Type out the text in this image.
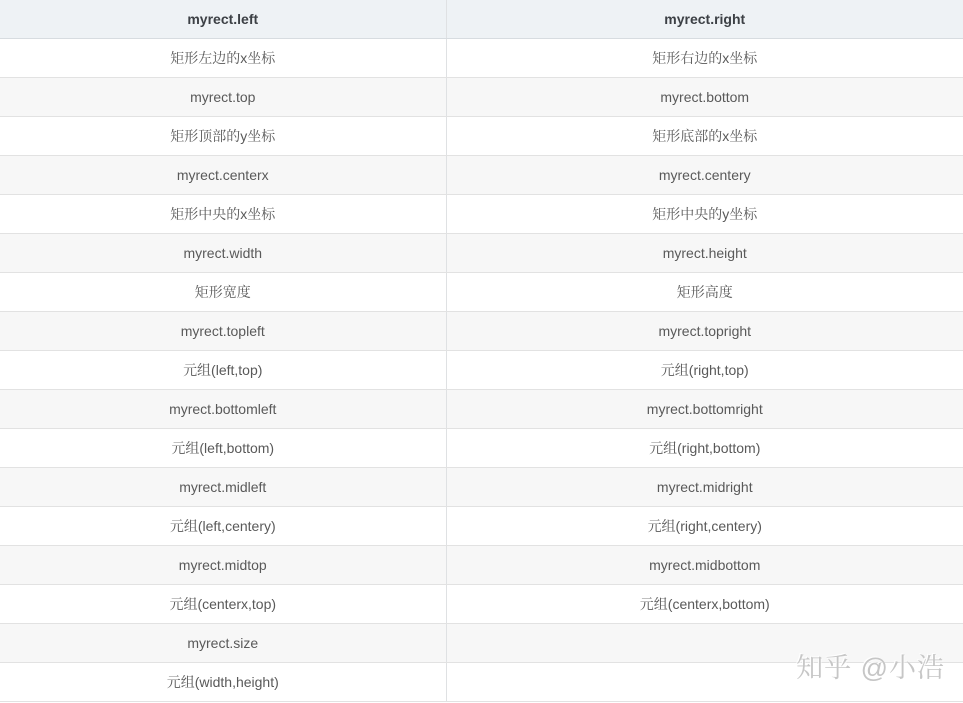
myrect.left	myrect.right
矩形左边的x坐标	矩形右边的x坐标
myrect.top	myrect.bottom
矩形顶部的y坐标	矩形底部的x坐标
myrect.centerx	myrect.centery
矩形中央的x坐标	矩形中央的y坐标
myrect.width	myrect.height
矩形宽度	矩形高度
myrect.topleft	myrect.topright
元组(left,top)	元组(right,top)
myrect.bottomleft	myrect.bottomright
元组(left,bottom)	元组(right,bottom)
myrect.midleft	myrect.midright
元组(left,centery)	元组(right,centery)
myrect.midtop	myrect.midbottom
元组(centerx,top)	元组(centerx,bottom)
myrect.size	
元组(width,height)		知乎 @小浩
